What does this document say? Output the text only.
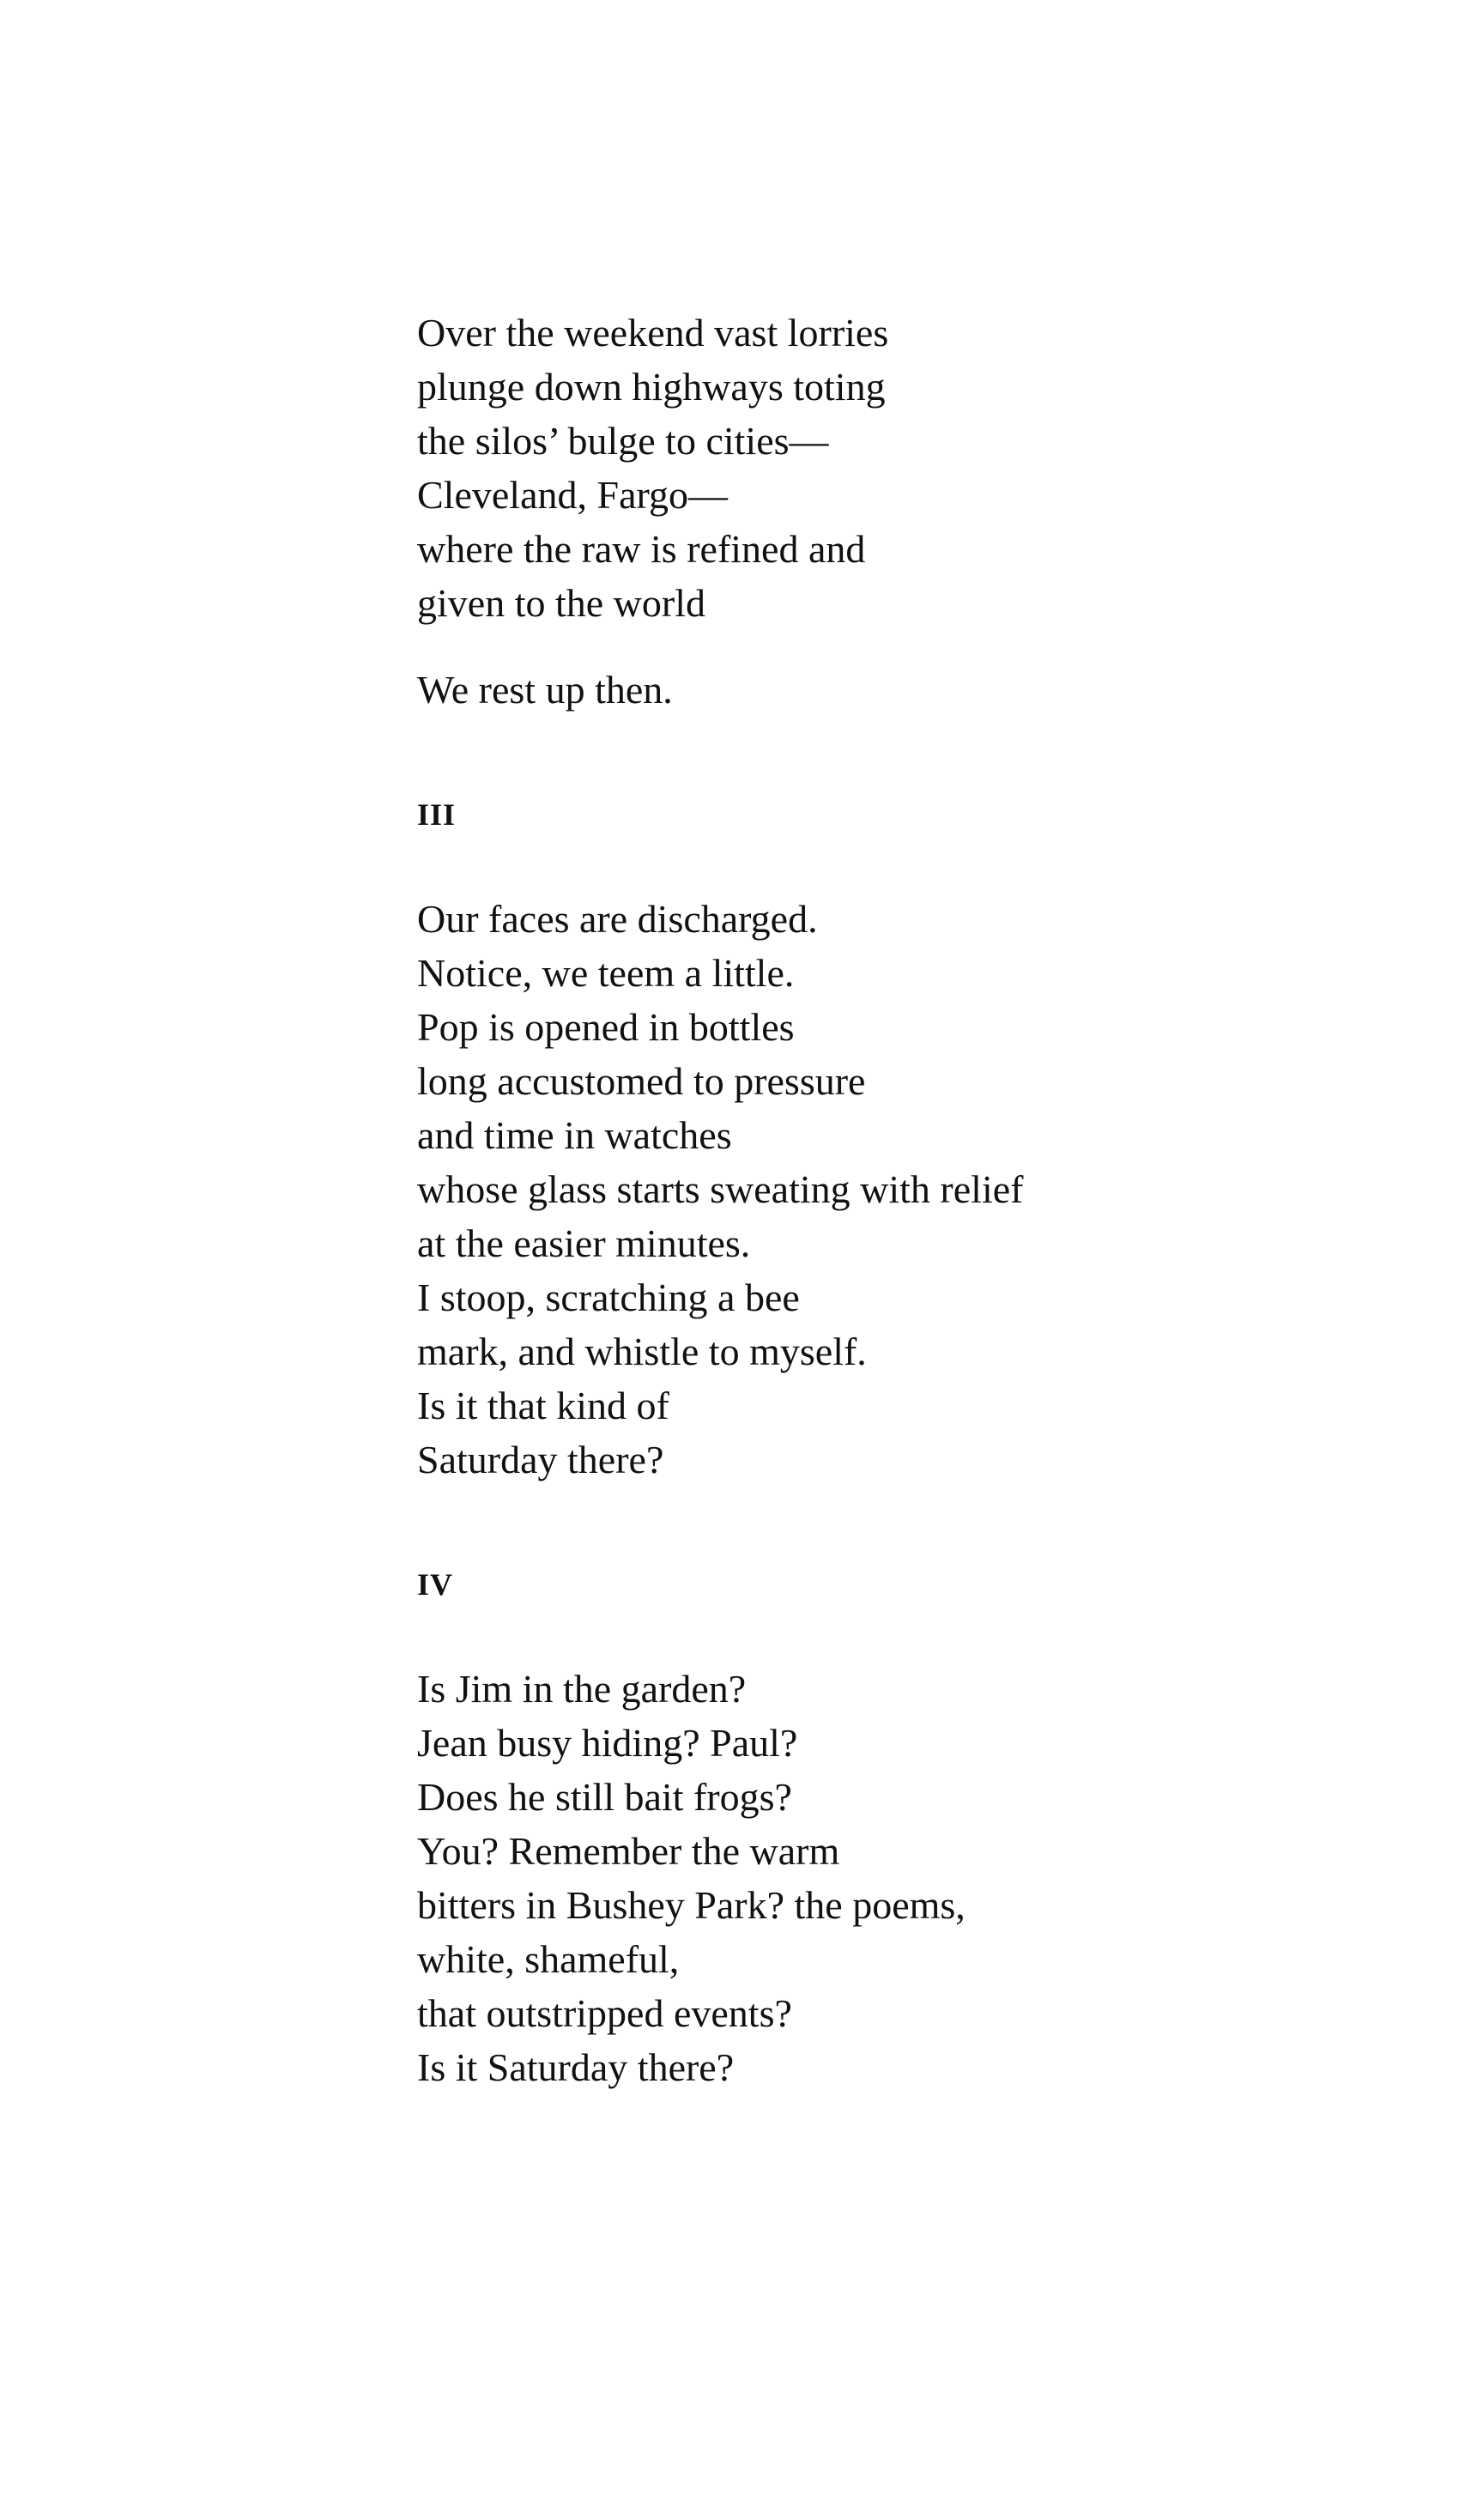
Over the weekend vast lorries
plunge down highways toting
the silos’ bulge to cities—
Cleveland, Fargo—
where the raw is refined and
given to the world
We rest up then.
III
Our faces are discharged.
Notice, we teem a little.
Pop is opened in bottles
long accustomed to pressure
and time in watches
whose glass starts sweating with relief
at the easier minutes.
I stoop, scratching a bee
mark, and whistle to myself.
Is it that kind of
Saturday there?
IV
Is Jim in the garden?
Jean busy hiding? Paul?
Does he still bait frogs?
You? Remember the warm
bitters in Bushey Park? the poems,
white, shameful,
that outstripped events?
Is it Saturday there?
